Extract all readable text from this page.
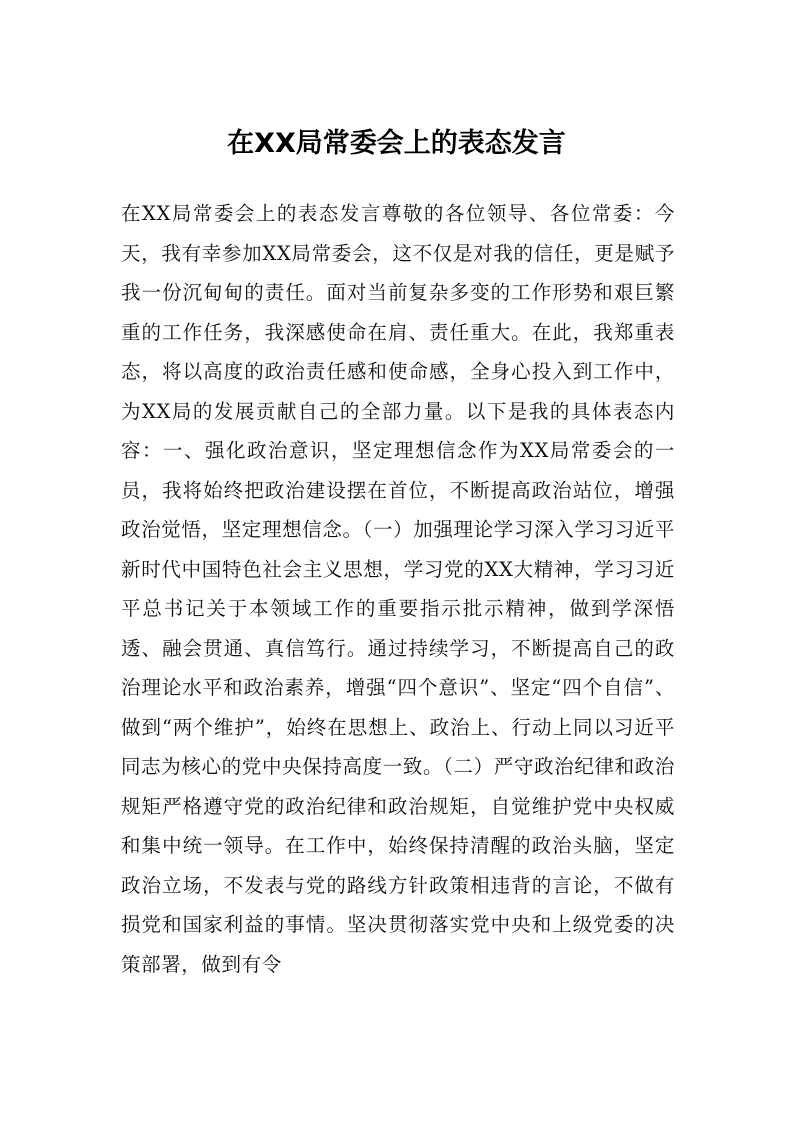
在XX局常委会上的表态发言

在XX局常委会上的表态发言尊敬的各位领导、各位常委：今天，我有幸参加XX局常委会，这不仅是对我的信任，更是赋予我一份沉甸甸的责任。面对当前复杂多变的工作形势和艰巨繁重的工作任务，我深感使命在肩、责任重大。在此，我郑重表态，将以高度的政治责任感和使命感，全身心投入到工作中，为XX局的发展贡献自己的全部力量。以下是我的具体表态内容：一、强化政治意识，坚定理想信念作为XX局常委会的一员，我将始终把政治建设摆在首位，不断提高政治站位，增强政治觉悟，坚定理想信念。（一）加强理论学习深入学习习近平新时代中国特色社会主义思想，学习党的XX大精神，学习习近平总书记关于本领域工作的重要指示批示精神，做到学深悟透、融会贯通、真信笃行。通过持续学习，不断提高自己的政治理论水平和政治素养，增强“四个意识”、坚定“四个自信”、做到“两个维护”，始终在思想上、政治上、行动上同以习近平同志为核心的党中央保持高度一致。（二）严守政治纪律和政治规矩严格遵守党的政治纪律和政治规矩，自觉维护党中央权威和集中统一领导。在工作中，始终保持清醒的政治头脑，坚定政治立场，不发表与党的路线方针政策相违背的言论，不做有损党和国家利益的事情。坚决贯彻落实党中央和上级党委的决策部署，做到有令
